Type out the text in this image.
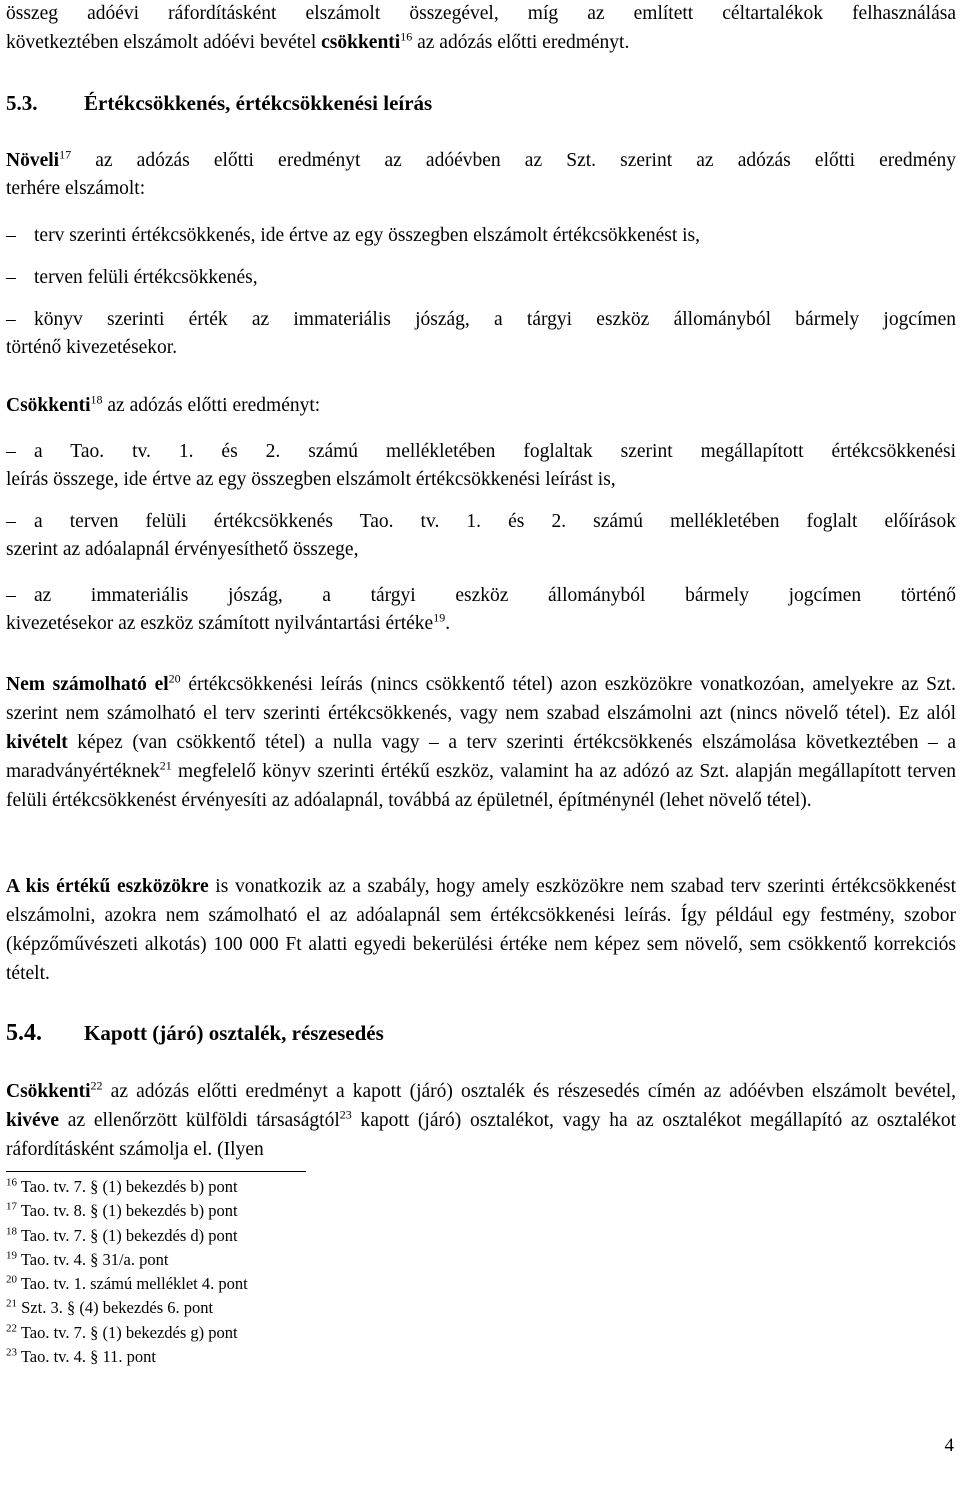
összeg adóévi ráfordításként elszámolt összegével, míg az említett céltartalékok felhasználása

következtében elszámolt adóévi bevétel csökkenti$^{16}$ az adózás előtti eredményt.

5.3. Értékcsökkenés, értékcsökkenési leírás

Növeli$^{17}$ az adózás előtti eredményt az adóévben az Szt. szerint az adózás előtti eredmény

terhére elszámolt:

– terv szerinti értékcsökkenés, ide értve az egy összegben elszámolt értékcsökkenést is,
– terven felüli értékcsökkenés,
– könyv szerinti érték az immateriális jószág, a tárgyi eszköz állományból bármely jogcímen

történő kivezetésekor.

Csökkenti$^{18}$ az adózás előtti eredményt:

– a Tao. tv. 1. és 2. számú mellékletében foglaltak szerint megállapított értékcsökkenési

leírás összege, ide értve az egy összegben elszámolt értékcsökkenési leírást is,

– a terven felüli értékcsökkenés Tao. tv. 1. és 2. számú mellékletében foglalt előírások

szerint az adóalapnál érvényesíthető összege,

– az immateriális jószág, a tárgyi eszköz állományból bármely jogcímen történő

kivezetésekor az eszköz számított nyilvántartási értéke$^{19}$.

Nem számolható $el^{20}$ értékcsökkenési leírás (nincs csökkentő tétel) azon eszközökre vonatkozóan, amelyekre az Szt. szerint nem számolható el terv szerinti értékcsökkenés, vagy nem szabad elszámolni azt (nincs növelő tétel). Ez alól kivételt képez (van csökkentő tétel) a nulla vagy – a terv szerinti értékcsökkenés elszámolása következtében – a maradványértéknek$^{21}$ megfelelő könyv szerinti értékű eszköz, valamint ha az adózó az Szt. alapján megállapított terven felüli értékcsökkenést érvényesíti az adóalapnál, továbbá az épületnél, építménynél (lehet növelő tétel).

A kis értékű eszközökre is vonatkozik az a szabály, hogy amely eszközökre nem szabad terv szerinti értékcsökkenést elszámolni, azokra nem számolható el az adóalapnál sem értékcsökkenési leírás. Így például egy festmény, szobor (képzőművészeti alkotás) 100 000 Ft alatti egyedi bekerülési értéke nem képez sem növelő, sem csökkentő korrekciós tételt.

5.4. Kapott (járó) osztalék, részesedés

Csökkenti$^{22}$ az adózás előtti eredményt a kapott (járó) osztalék és részesedés címén az adóévben elszámolt bevétel, kivéve az ellenőrzött külföldi társaságtól$^{23}$ kapott (járó) osztalékot, vagy ha az osztalékot megállapító az osztalékot ráfordításként számolja el. (Ilyen

$^{16}$ Tao. tv. 7. § (1) bekezdés b) pont
$^{17}$ Tao. tv. 8. § (1) bekezdés b) pont
$^{18}$ Tao. tv. 7. § (1) bekezdés d) pont
$^{19}$ Tao. tv. 4. § 31/a. pont
$^{20}$ Tao. tv. 1. számú melléklet 4. pont
$^{21}$ Szt. 3. § (4) bekezdés 6. pont
$^{22}$ Tao. tv. 7. § (1) bekezdés g) pont
$^{23}$ Tao. tv. 4. § 11. pont
4
